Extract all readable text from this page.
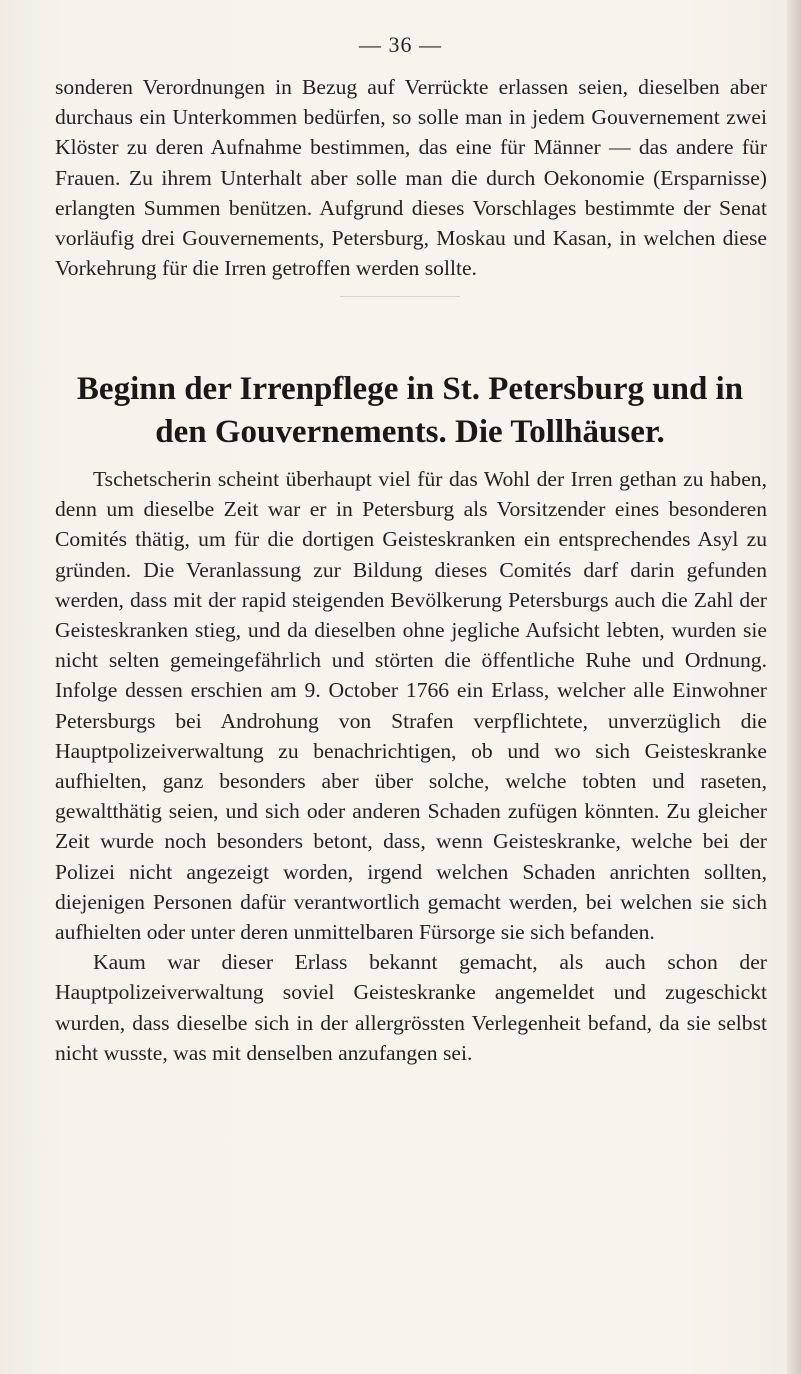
— 36 —

sonderen Verordnungen in Bezug auf Verrückte erlassen seien, dieselben aber durchaus ein Unterkommen bedürfen, so solle man in jedem Gouvernement zwei Klöster zu deren Aufnahme bestimmen, das eine für Männer — das andere für Frauen. Zu ihrem Unterhalt aber solle man die durch Oekonomie (Ersparnisse) erlangten Summen benützen. Aufgrund dieses Vorschlages bestimmte der Senat vorläufig drei Gouvernements, Petersburg, Moskau und Kasan, in welchen diese Vorkehrung für die Irren getroffen werden sollte.

Beginn der Irrenpflege in St. Petersburg und in
den Gouvernements. Die Tollhäuser.

Tschetscherin scheint überhaupt viel für das Wohl der Irren gethan zu haben, denn um dieselbe Zeit war er in Petersburg als Vorsitzender eines besonderen Comités thätig, um für die dortigen Geisteskranken ein entsprechendes Asyl zu gründen. Die Veranlassung zur Bildung dieses Comités darf darin gefunden werden, dass mit der rapid steigenden Bevölkerung Petersburgs auch die Zahl der Geisteskranken stieg, und da dieselben ohne jegliche Aufsicht lebten, wurden sie nicht selten gemeingefährlich und störten die öffentliche Ruhe und Ordnung. Infolge dessen erschien am 9. October 1766 ein Erlass, welcher alle Einwohner Petersburgs bei Androhung von Strafen verpflichtete, unverzüglich die Hauptpolizeiverwaltung zu benachrichtigen, ob und wo sich Geisteskranke aufhielten, ganz besonders aber über solche, welche tobten und raseten, gewaltthätig seien, und sich oder anderen Schaden zufügen könnten. Zu gleicher Zeit wurde noch besonders betont, dass, wenn Geisteskranke, welche bei der Polizei nicht angezeigt worden, irgend welchen Schaden anrichten sollten, diejenigen Personen dafür verantwortlich gemacht werden, bei welchen sie sich aufhielten oder unter deren unmittelbaren Fürsorge sie sich befanden.

Kaum war dieser Erlass bekannt gemacht, als auch schon der Hauptpolizeiverwaltung soviel Geisteskranke angemeldet und zugeschickt wurden, dass dieselbe sich in der allergrössten Verlegenheit befand, da sie selbst nicht wusste, was mit denselben anzufangen sei.
